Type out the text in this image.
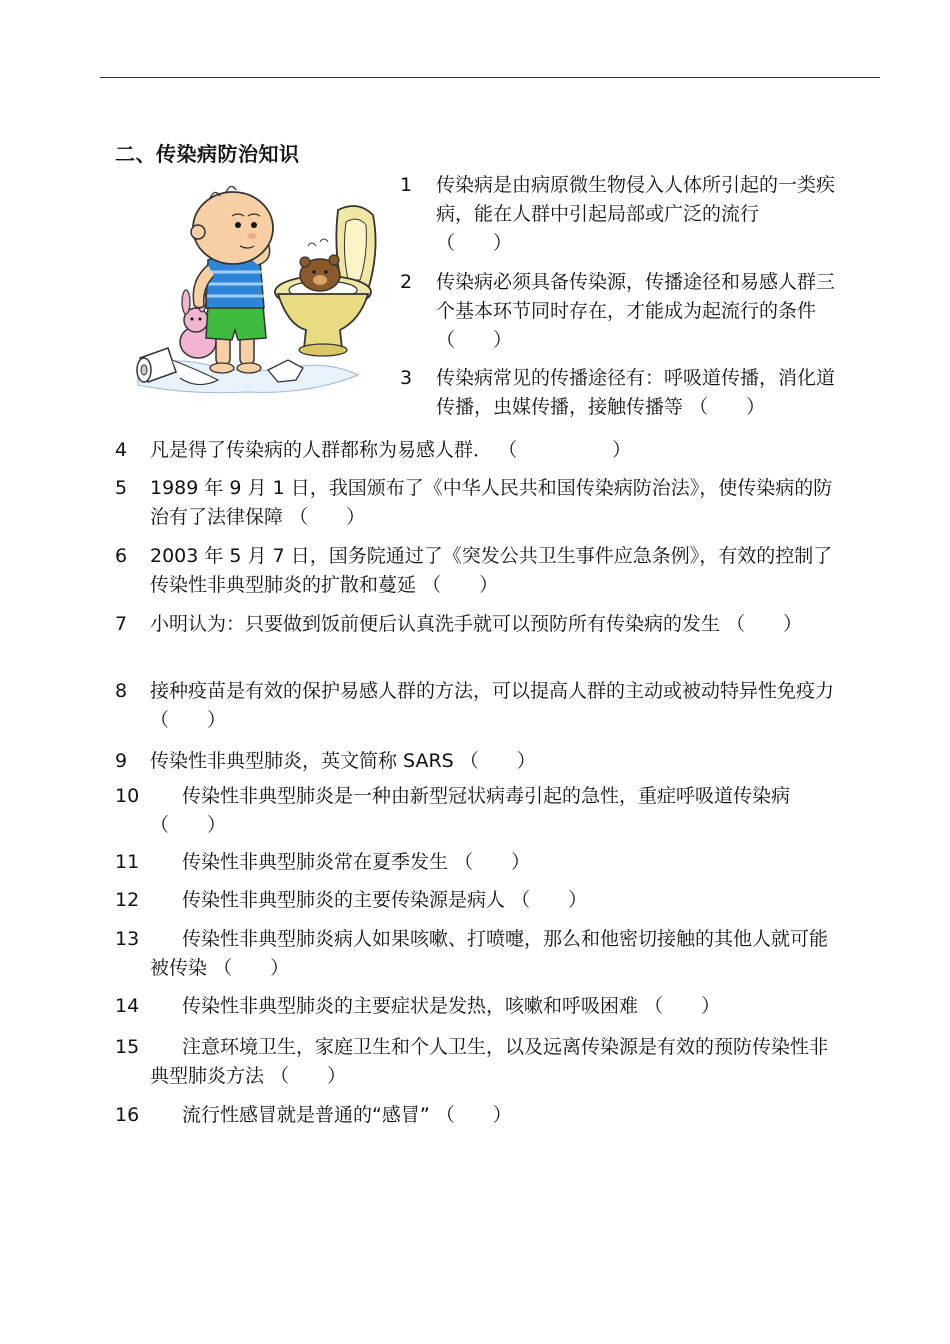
二、传染病防治知识
1 传染病是由病原微生物侵入人体所引起的一类疾病，能在人群中引起局部或广泛的流行 （　　）
2 传染病必须具备传染源，传播途径和易感人群三个基本环节同时存在，才能成为起流行的条件 （　　）
3 传染病常见的传播途径有：呼吸道传播，消化道传播，虫媒传播，接触传播等 （　　）
4 凡是得了传染病的人群都称为易感人群． （　　　　　）
5 1989 年 9 月 1 日，我国颁布了《中华人民共和国传染病防治法》，使传染病的防治有了法律保障 （　　）
6 2003 年 5 月 7 日，国务院通过了《突发公共卫生事件应急条例》，有效的控制了传染性非典型肺炎的扩散和蔓延 （　　）
7 小明认为：只要做到饭前便后认真洗手就可以预防所有传染病的发生 （　　）
8 接种疫苗是有效的保护易感人群的方法，可以提高人群的主动或被动特异性免疫力 （　　）
9 传染性非典型肺炎，英文简称 SARS （　　）
10	传染性非典型肺炎是一种由新型冠状病毒引起的急性，重症呼吸道传染病 （　　）
11	传染性非典型肺炎常在夏季发生 （　　）
12	传染性非典型肺炎的主要传染源是病人 （　　）
13	传染性非典型肺炎病人如果咳嗽、打喷嚏，那么和他密切接触的其他人就可能被传染 （　　）
14	传染性非典型肺炎的主要症状是发热，咳嗽和呼吸困难 （　　）
15	注意环境卫生，家庭卫生和个人卫生，以及远离传染源是有效的预防传染性非典型肺炎方法 （　　）
16	流行性感冒就是普通的“感冒” （　　）
